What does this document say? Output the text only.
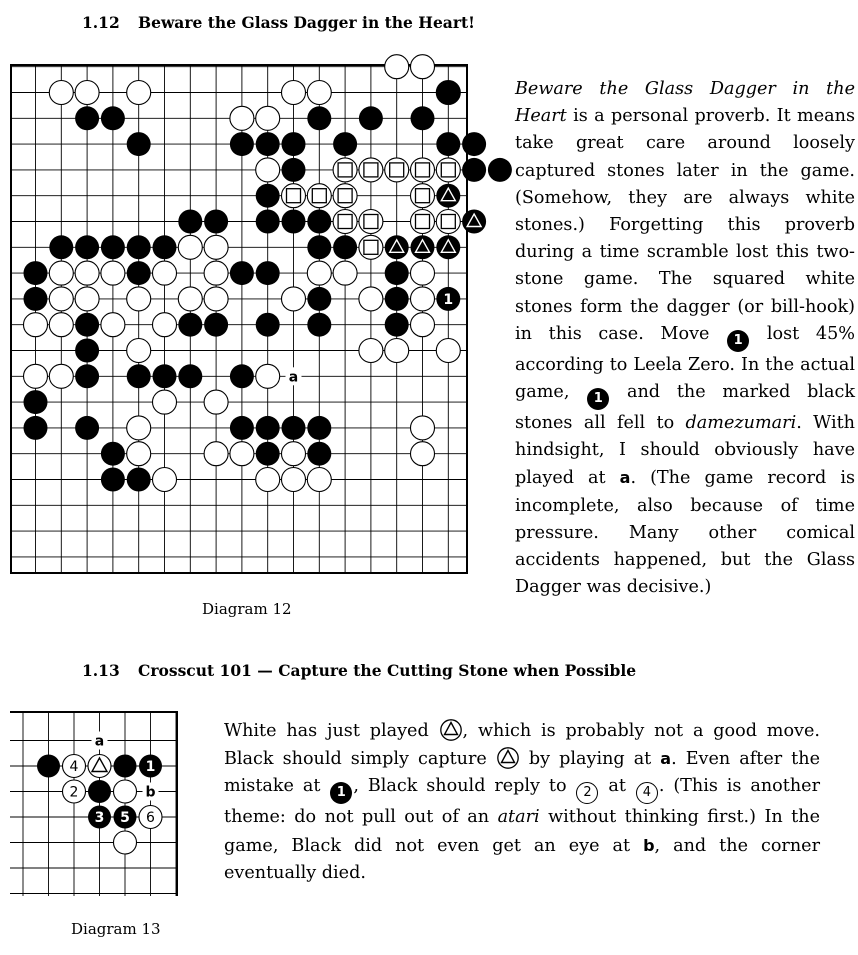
1.12 Beware the Glass Dagger in the Heart!
1
a
Diagram 12
Beware the Glass Dagger in the Heart is a personal proverb. It means take great care around loosely captured stones later in the game. (Somehow, they are always white stones.) Forgetting this proverb during a time scramble lost this two-stone game. The squared white stones form the dagger (or bill-hook) in this case. Move 1 lost 45% according to Leela Zero. In the actual game, 1 and the marked black stones all fell to damezumari. With hindsight, I should obviously have played at a. (The game record is incomplete, also because of time pressure. Many other comical accidents happened, but the Glass Dagger was decisive.)
1.13 Crosscut 101 — Capture the Cutting Stone when Possible
1
3 5
4
2
6
a
b
Diagram 13
White has just played
, which is probably not a good move. Black should simply capture
by playing at a. Even after the mistake at 1 , Black should reply to 2 at 4 . (This is another theme: do not pull out of an atari without thinking first.) In the game, Black did not even get an eye at b, and the corner eventually died.
